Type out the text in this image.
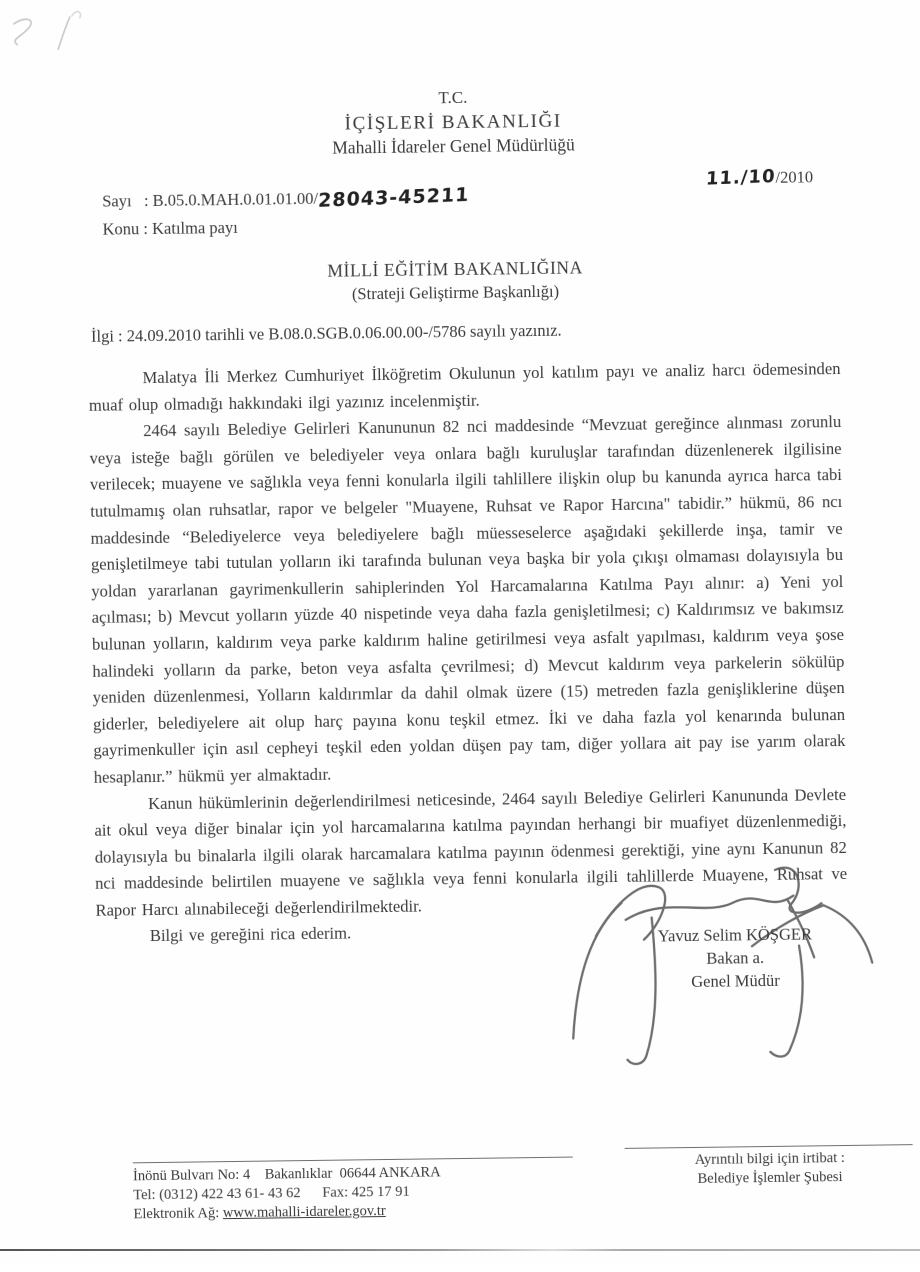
T.C.
İÇİŞLERİ BAKANLIĞI
Mahalli İdareler Genel Müdürlüğü
Sayı   : B.05.0.MAH.0.01.01.00/28043-45211
Konu : Katılma payı
11./10/2010
MİLLİ EĞİTİM BAKANLIĞINA
(Strateji Geliştirme Başkanlığı)
İlgi : 24.09.2010 tarihli ve B.08.0.SGB.0.06.00.00-/5786 sayılı yazınız.

Malatya İli Merkez Cumhuriyet İlköğretim Okulunun yol katılım payı ve analiz harcı ödemesinden muaf olup olmadığı hakkındaki ilgi yazınız incelenmiştir.

2464 sayılı Belediye Gelirleri Kanununun 82 nci maddesinde “Mevzuat gereğince alınması zorunlu veya isteğe bağlı görülen ve belediyeler veya onlara bağlı kuruluşlar tarafından düzenlenerek ilgilisine verilecek; muayene ve sağlıkla veya fenni konularla ilgili tahlillere ilişkin olup bu kanunda ayrıca harca tabi tutulmamış olan ruhsatlar, rapor ve belgeler "Muayene, Ruhsat ve Rapor Harcına" tabidir.” hükmü, 86 ncı maddesinde “Belediyelerce veya belediyelere bağlı müesseselerce aşağıdaki şekillerde inşa, tamir ve genişletilmeye tabi tutulan yolların iki tarafında bulunan veya başka bir yola çıkışı olmaması dolayısıyla bu yoldan yararlanan gayrimenkullerin sahiplerinden Yol Harcamalarına Katılma Payı alınır: a) Yeni yol açılması; b) Mevcut yolların yüzde 40 nispetinde veya daha fazla genişletilmesi; c) Kaldırımsız ve bakımsız bulunan yolların, kaldırım veya parke kaldırım haline getirilmesi veya asfalt yapılması, kaldırım veya şose halindeki yolların da parke, beton veya asfalta çevrilmesi; d) Mevcut kaldırım veya parkelerin sökülüp yeniden düzenlenmesi, Yolların kaldırımlar da dahil olmak üzere (15) metreden fazla genişliklerine düşen giderler, belediyelere ait olup harç payına konu teşkil etmez. İki ve daha fazla yol kenarında bulunan gayrimenkuller için asıl cepheyi teşkil eden yoldan düşen pay tam, diğer yollara ait pay ise yarım olarak hesaplanır.” hükmü yer almaktadır.

Kanun hükümlerinin değerlendirilmesi neticesinde, 2464 sayılı Belediye Gelirleri Kanununda Devlete ait okul veya diğer binalar için yol harcamalarına katılma payından herhangi bir muafiyet düzenlenmediği, dolayısıyla bu binalarla ilgili olarak harcamalara katılma payının ödenmesi gerektiği, yine aynı Kanunun 82 nci maddesinde belirtilen muayene ve sağlıkla veya fenni konularla ilgili tahlillerde Muayene, Ruhsat ve Rapor Harcı alınabileceği değerlendirilmektedir.

Bilgi ve gereğini rica ederim.	Yavuz Selim KÖŞGER
Bakan a.
Genel Müdür
İnönü Bulvarı No: 4    Bakanlıklar  06644 ANKARA
Tel: (0312) 422 43 61- 43 62      Fax: 425 17 91
Elektronik Ağ: www.mahalli-idareler.gov.tr
Ayrıntılı bilgi için irtibat :
Belediye İşlemler Şubesi
